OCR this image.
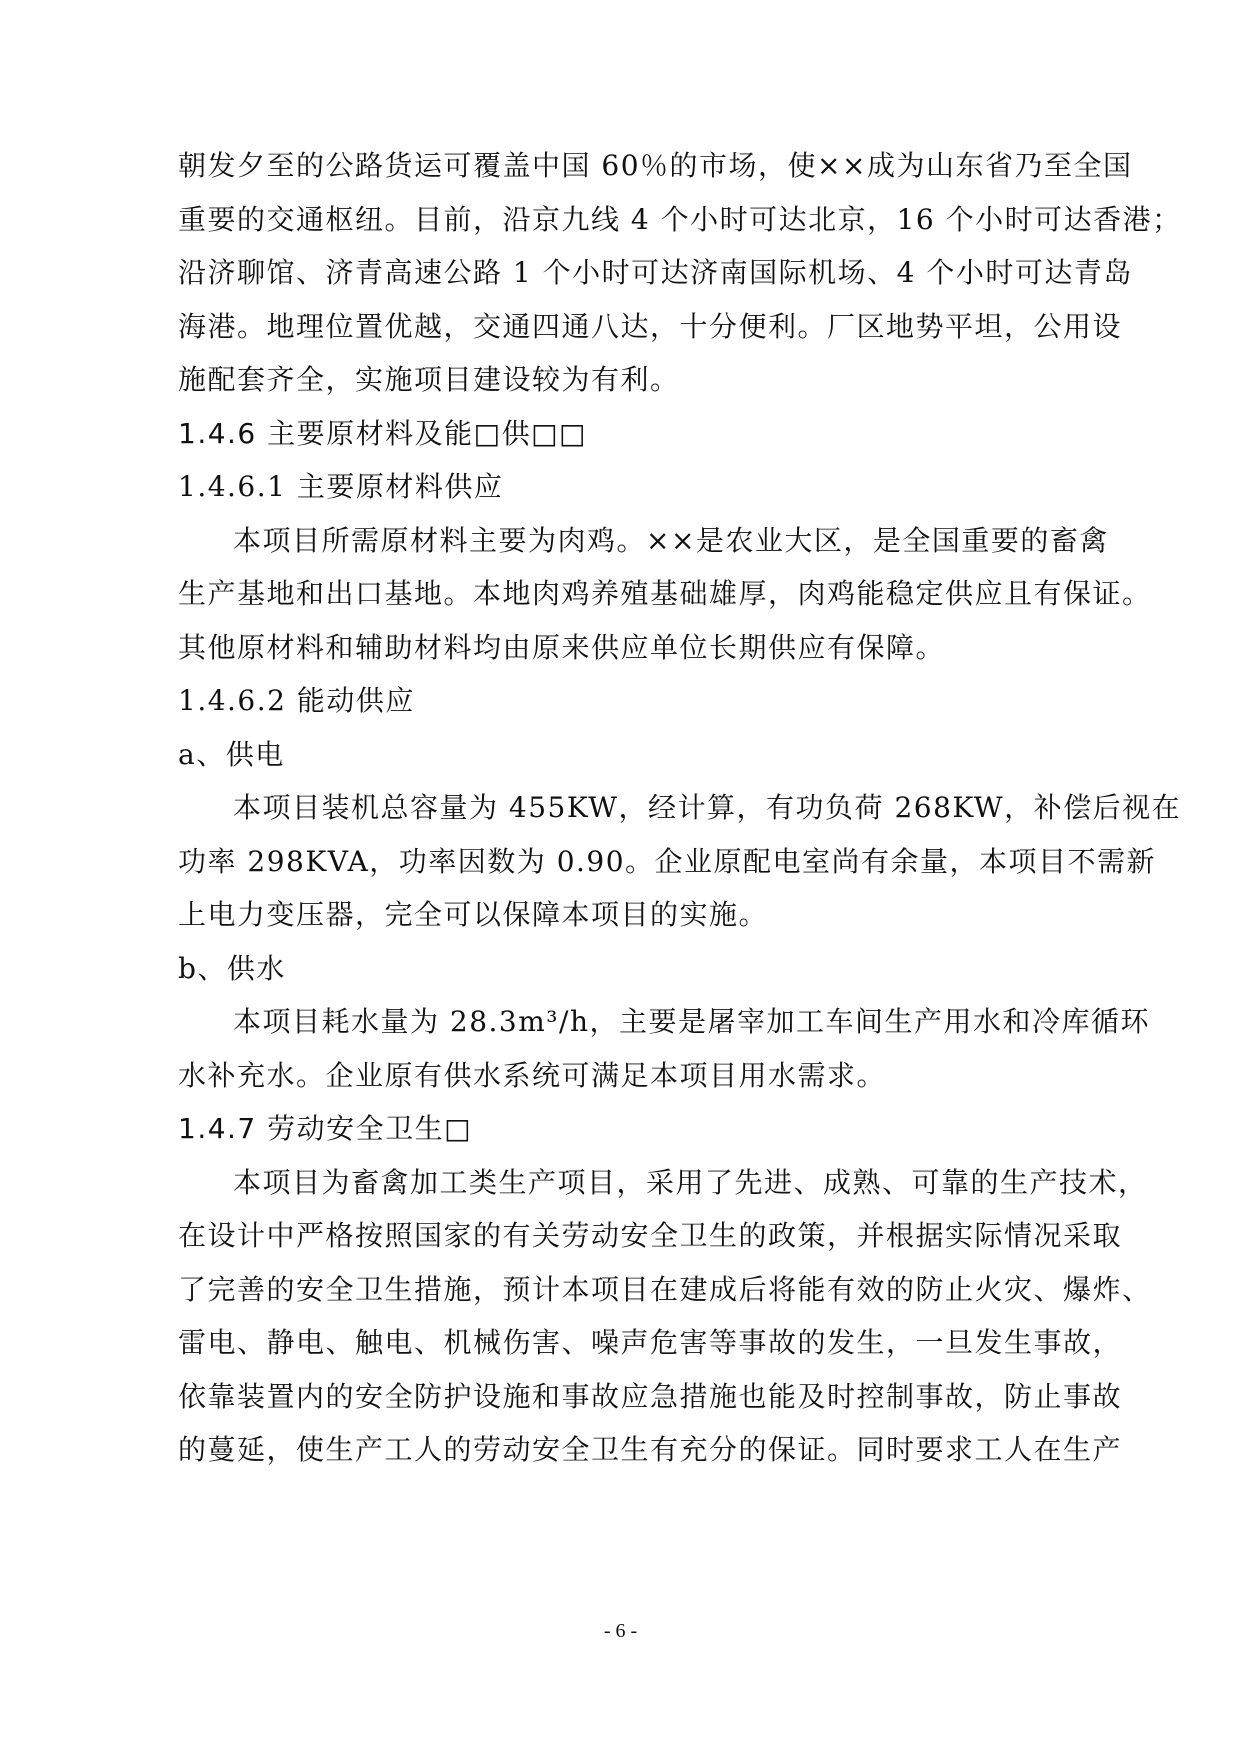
朝发夕至的公路货运可覆盖中国 60％的市场，使××成为山东省乃至全国
重要的交通枢纽。目前，沿京九线 4 个小时可达北京，16 个小时可达香港；
沿济聊馆、济青高速公路 1 个小时可达济南国际机场、4 个小时可达青岛
海港。地理位置优越，交通四通八达，十分便利。厂区地势平坦，公用设
施配套齐全，实施项目建设较为有利。
1.4.6 主要原材料及能□供□□
1.4.6.1 主要原材料供应
本项目所需原材料主要为肉鸡。××是农业大区，是全国重要的畜禽
生产基地和出口基地。本地肉鸡养殖基础雄厚，肉鸡能稳定供应且有保证。
其他原材料和辅助材料均由原来供应单位长期供应有保障。
1.4.6.2 能动供应
a、供电
本项目装机总容量为 455KW，经计算，有功负荷 268KW，补偿后视在
功率 298KVA，功率因数为 0.90。企业原配电室尚有余量，本项目不需新
上电力变压器，完全可以保障本项目的实施。
b、供水
本项目耗水量为 28.3m³/h，主要是屠宰加工车间生产用水和冷库循环
水补充水。企业原有供水系统可满足本项目用水需求。
1.4.7 劳动安全卫生□
本项目为畜禽加工类生产项目，采用了先进、成熟、可靠的生产技术，
在设计中严格按照国家的有关劳动安全卫生的政策，并根据实际情况采取
了完善的安全卫生措施，预计本项目在建成后将能有效的防止火灾、爆炸、
雷电、静电、触电、机械伤害、噪声危害等事故的发生，一旦发生事故，
依靠装置内的安全防护设施和事故应急措施也能及时控制事故，防止事故
的蔓延，使生产工人的劳动安全卫生有充分的保证。同时要求工人在生产
- 6 -
